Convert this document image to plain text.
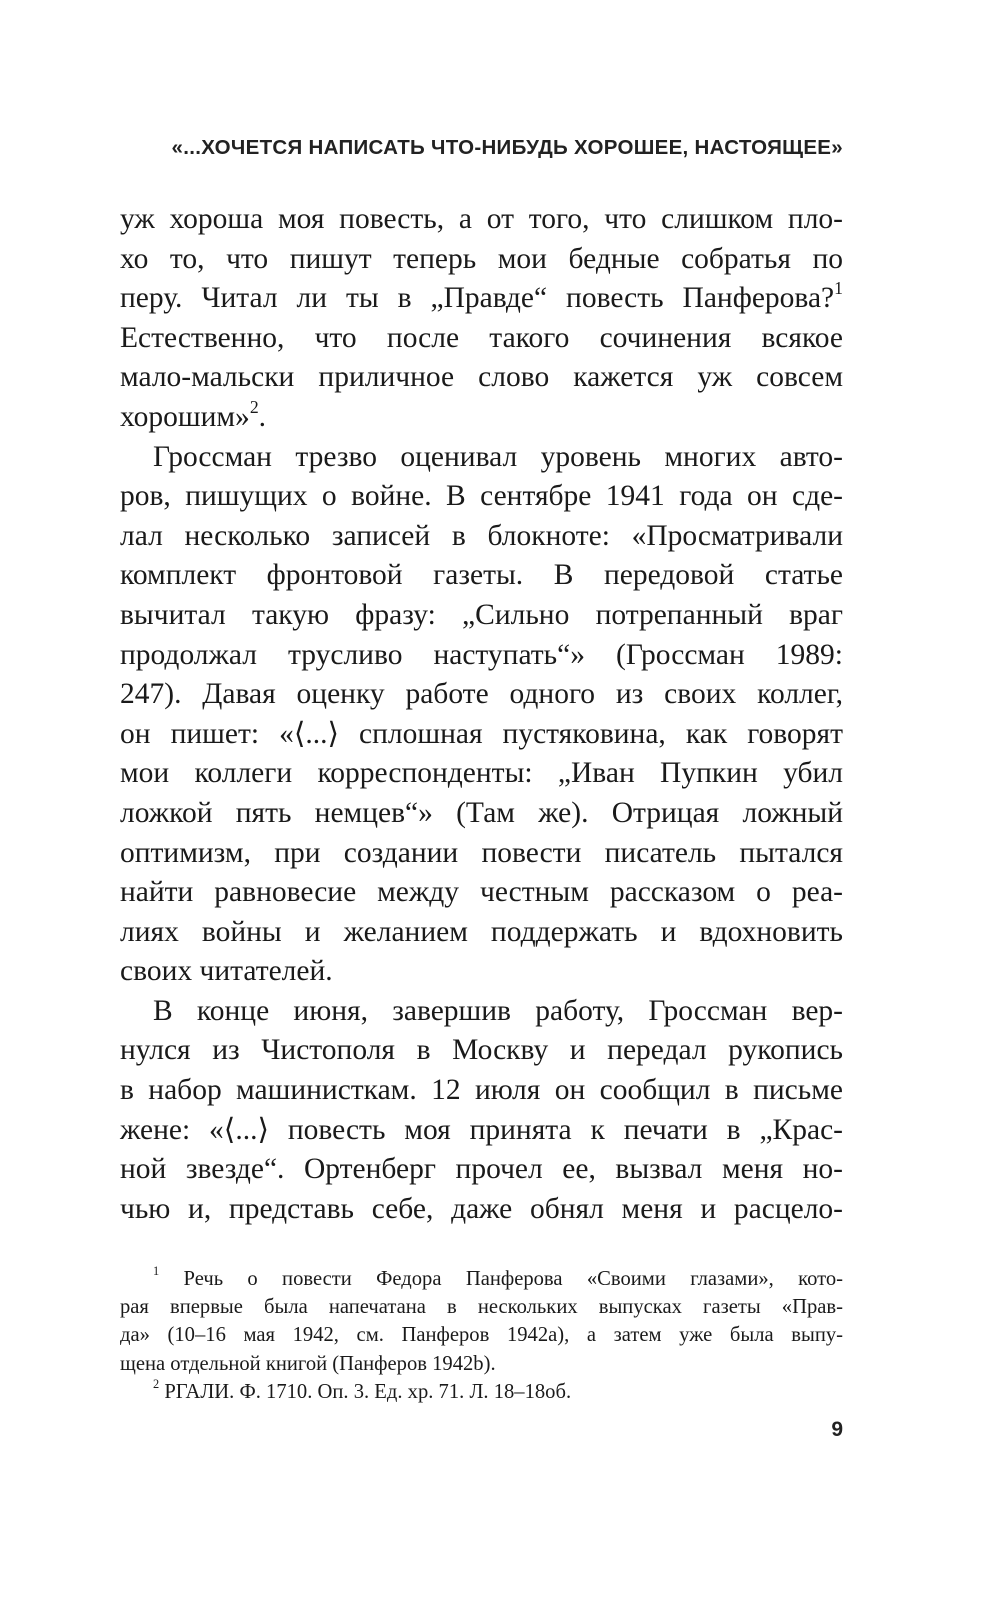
«...ХОЧЕТСЯ НАПИСАТЬ ЧТО-НИБУДЬ ХОРОШЕЕ, НАСТОЯЩЕЕ»
уж хороша моя повесть, а от того, что слишком пло-
хо то, что пишут теперь мои бедные собратья по
перу. Читал ли ты в „Правде“ повесть Панферова?$^1$
Естественно, что после такого сочинения всякое
мало-мальски приличное слово кажется уж совсем
хорошим»$^2$.
Гроссман трезво оценивал уровень многих авто-
ров, пишущих о войне. В сентябре 1941 года он сде-
лал несколько записей в блокноте: «Просматривали
комплект фронтовой газеты. В передовой статье
вычитал такую фразу: „Сильно потрепанный враг
продолжал трусливо наступать“» (Гроссман 1989:
247). Давая оценку работе одного из своих коллег,
он пишет: «⟨...⟩ сплошная пустяковина, как говорят
мои коллеги корреспонденты: „Иван Пупкин убил
ложкой пять немцев“» (Там же). Отрицая ложный
оптимизм, при создании повести писатель пытался
найти равновесие между честным рассказом о реа-
лиях войны и желанием поддержать и вдохновить
своих читателей.
В конце июня, завершив работу, Гроссман вер-
нулся из Чистополя в Москву и передал рукопись
в набор машинисткам. 12 июля он сообщил в письме
жене: «⟨...⟩ повесть моя принята к печати в „Крас-
ной звезде“. Ортенберг прочел ее, вызвал меня но-
чью и, представь себе, даже обнял меня и расцело-
$^1$ Речь о повести Федора Панферова «Своими глазами», кото-
рая впервые была напечатана в нескольких выпусках газеты «Прав-
да» (10–16 мая 1942, см. Панферов 1942a), а затем уже была выпу-
щена отдельной книгой (Панферов 1942b).
$^2$ РГАЛИ. Ф. 1710. Оп. 3. Ед. хр. 71. Л. 18–18об.
9
